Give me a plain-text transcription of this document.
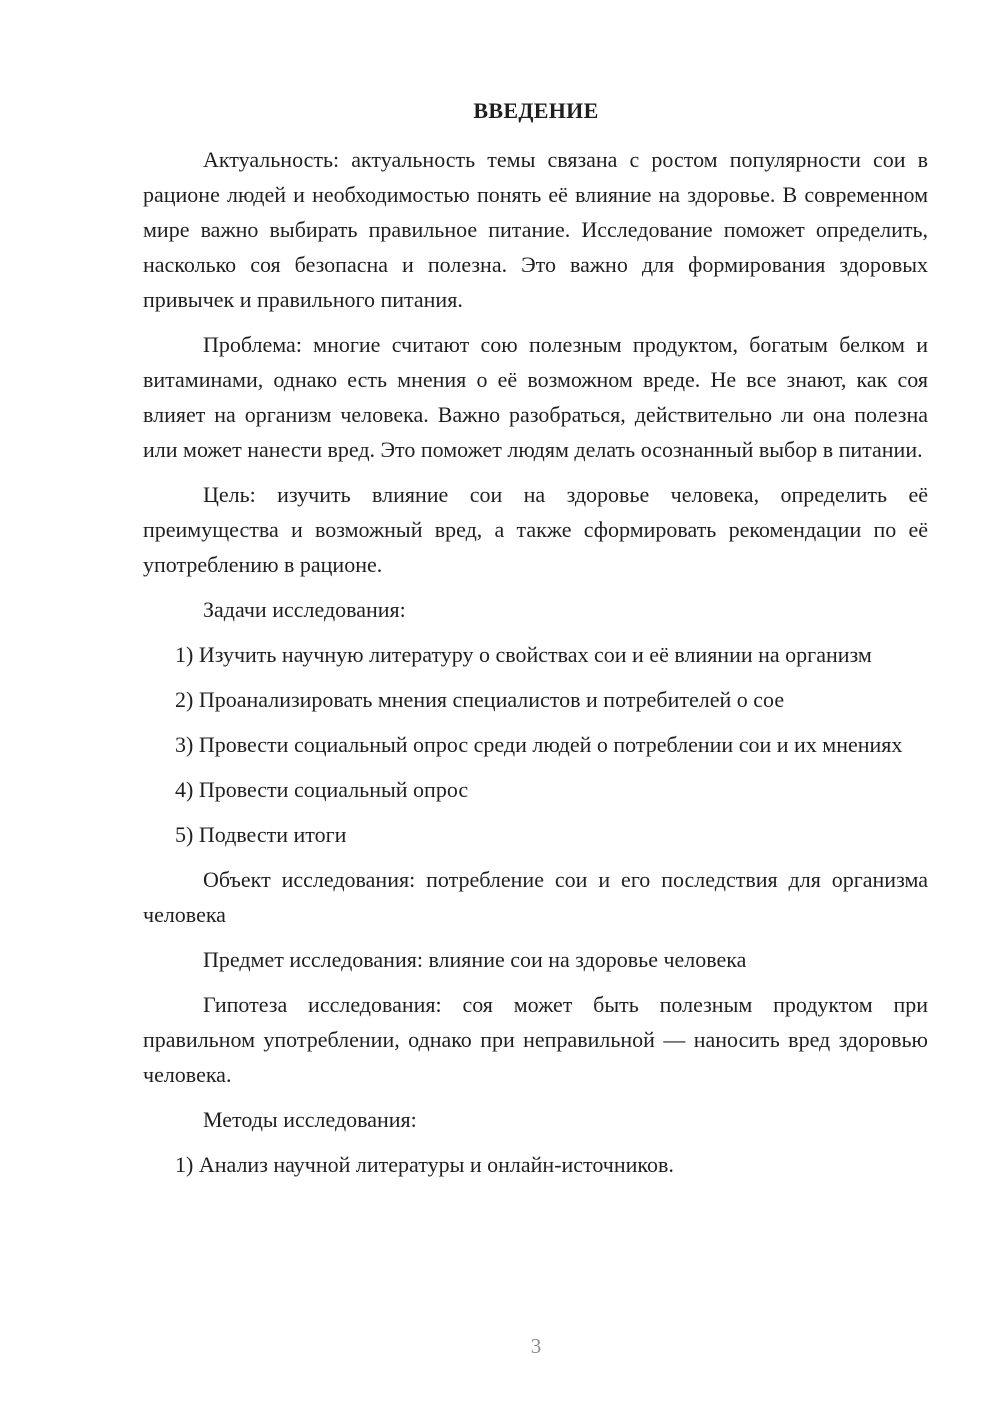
ВВЕДЕНИЕ

Актуальность: актуальность темы связана с ростом популярности сои в рационе людей и необходимостью понять её влияние на здоровье. В современном мире важно выбирать правильное питание. Исследование поможет определить, насколько соя безопасна и полезна. Это важно для формирования здоровых привычек и правильного питания.

Проблема: многие считают сою полезным продуктом, богатым белком и витаминами, однако есть мнения о её возможном вреде. Не все знают, как соя влияет на организм человека. Важно разобраться, действительно ли она полезна или может нанести вред. Это поможет людям делать осознанный выбор в питании.

Цель: изучить влияние сои на здоровье человека, определить её преимущества и возможный вред, а также сформировать рекомендации по её употреблению в рационе.

Задачи исследования:

1) Изучить научную литературу о свойствах сои и её влиянии на организм

2) Проанализировать мнения специалистов и потребителей о сое

3) Провести социальный опрос среди людей о потреблении сои и их мнениях

4) Провести социальный опрос

5) Подвести итоги

Объект исследования: потребление сои и его последствия для организма человека

Предмет исследования: влияние сои на здоровье человека

Гипотеза исследования: соя может быть полезным продуктом при правильном употреблении, однако при неправильной — наносить вред здоровью человека.

Методы исследования:

1) Анализ научной литературы и онлайн-источников.

3
